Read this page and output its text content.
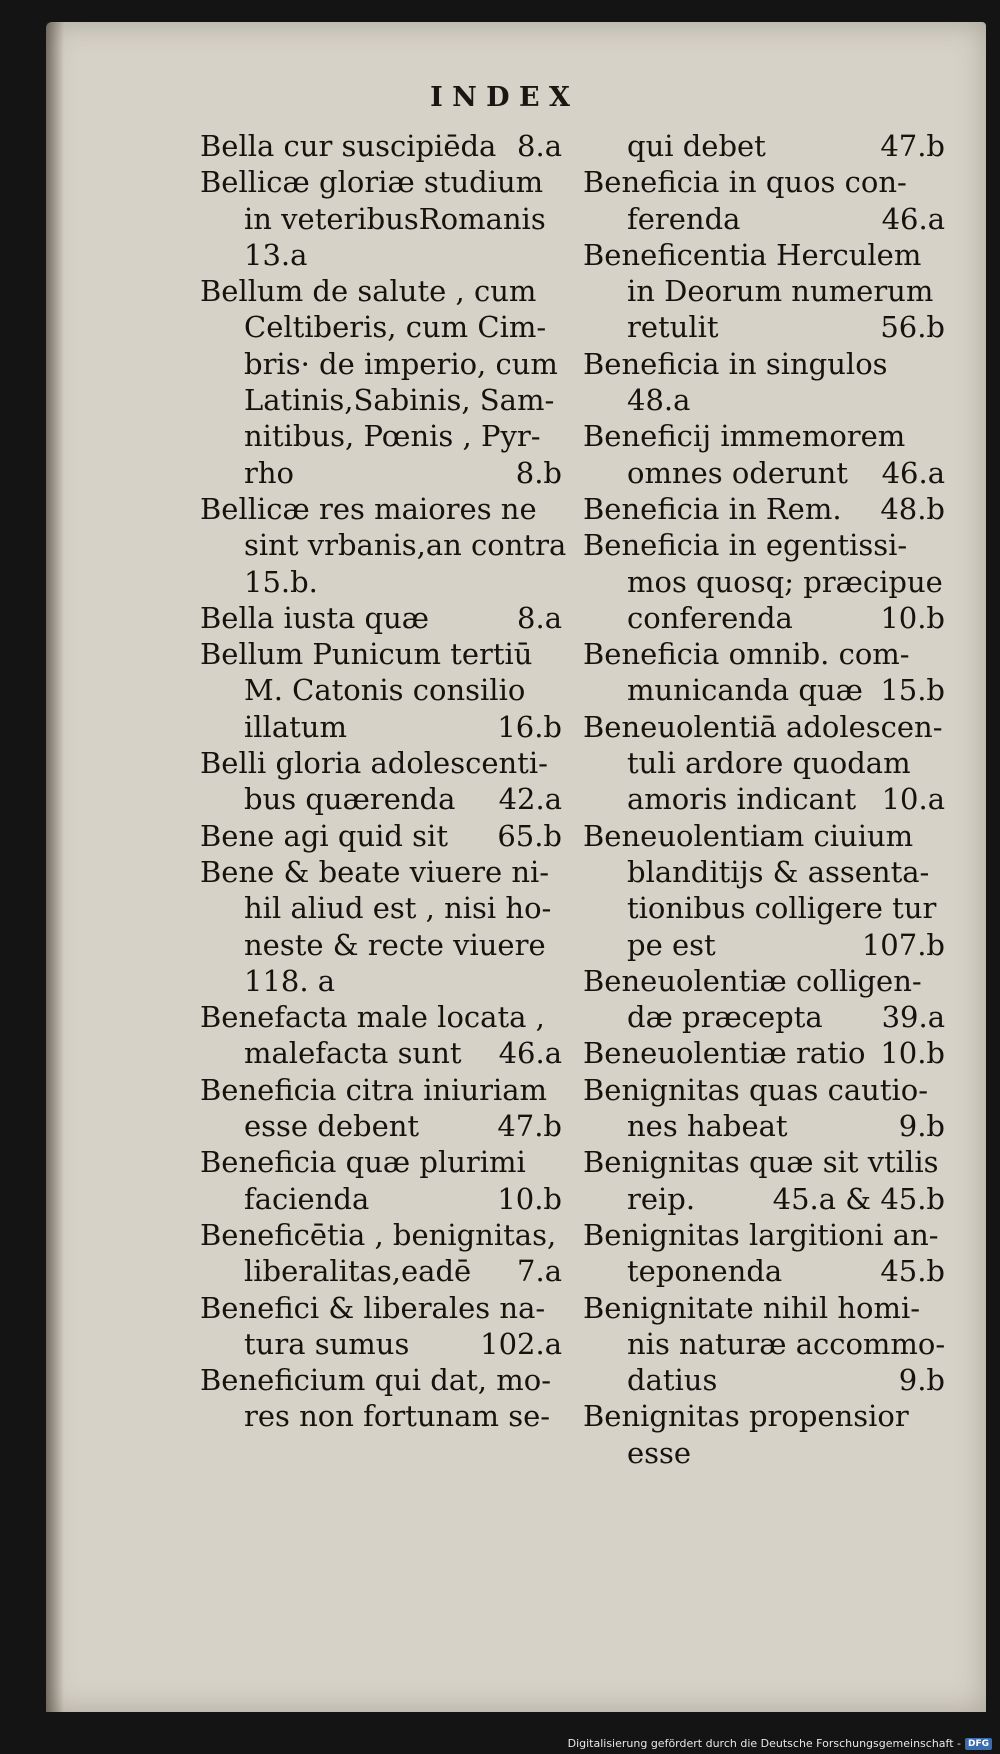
I N D E X
Bella cur suscipiēda 8.a
Bellicæ gloriæ studium
in veteribusRomanis
13.a
Bellum de salute , cum
Celtiberis, cum Cim-
bris· de imperio, cum
Latinis,Sabinis, Sam-
nitibus, Pœnis , Pyr-
rho	8.b
Bellicæ res maiores ne
sint vrbanis,an contra
15.b.
Bella iusta quæ	8.a
Bellum Punicum tertiū
M. Catonis consilio
illatum	16.b
Belli gloria adolescenti-
bus quærenda 42.a
Bene agi quid sit 65.b
Bene & beate viuere ni-
hil aliud est , nisi ho-
neste & recte viuere
118. a
Benefacta male locata ,
malefacta sunt 46.a
Beneficia citra iniuriam
esse debent	47.b
Beneficia quæ plurimi
facienda	10.b
Beneficētia , benignitas,
liberalitas,eadē 7.a
Benefici & liberales na-
tura sumus 102.a
Beneficium qui dat, mo-
res non fortunam se-
qui debet	47.b
Beneficia in quos con-
ferenda	46.a
Beneficentia Herculem
in Deorum numerum
retulit	56.b
Beneficia in singulos
48.a
Beneficij immemorem
omnes oderunt 46.a
Beneficia in Rem. 48.b
Beneficia in egentissi-
mos quosq; præcipue
conferenda	10.b
Beneficia omnib. com-
municanda quæ 15.b
Beneuolentiā adolescen-
tuli ardore quodam
amoris indicant 10.a
Beneuolentiam ciuium
blanditijs & assenta-
tionibus colligere tur
pe est	107.b
Beneuolentiæ colligen-
dæ præcepta 39.a
Beneuolentiæ ratio 10.b
Benignitas quas cautio-
nes habeat	9.b
Benignitas quæ sit vtilis
reip.	45.a & 45.b
Benignitas largitioni an-
teponenda	45.b
Benignitate nihil homi-
nis naturæ accommo-
datius	9.b
Benignitas propensior
esse
Digitalisierung gefördert durch die Deutsche Forschungsgemeinschaft - DFG
